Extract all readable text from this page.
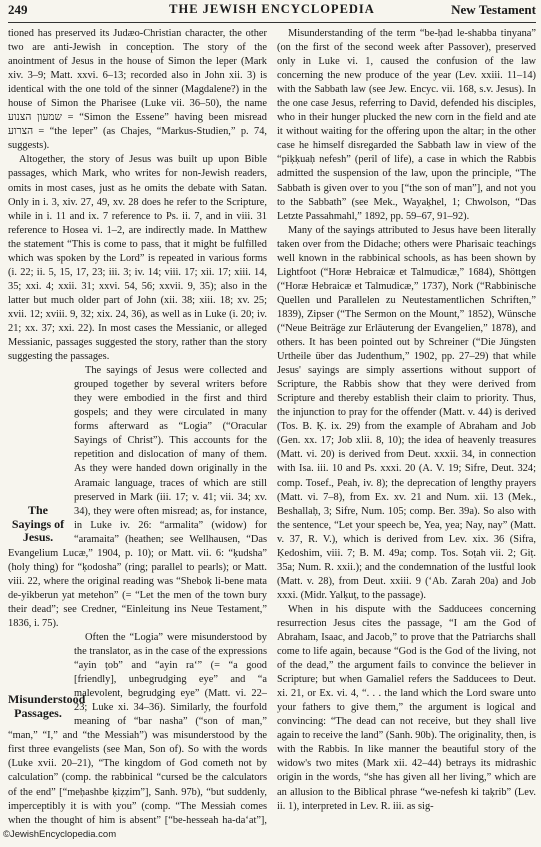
249	THE JEWISH ENCYCLOPEDIA	New Testament

tioned has preserved its Judæo-Christian character, the other two are anti-Jewish in conception. The story of the anointment of Jesus in the house of Simon the leper (Mark xiv. 3–9; Matt. xxvi. 6–13; recorded also in John xii. 3) is identical with the one told of the sinner (Magdalene?) in the house of Simon the Pharisee (Luke vii. 36–50), the name שמעון הצנוע = “Simon the Essene” having been misread הצרוע = “the leper” (as Chajes, “Markus-Studien,” p. 74, suggests).

Altogether, the story of Jesus was built up upon Bible passages, which Mark, who writes for non-Jewish readers, omits in most cases, just as he omits the debate with Satan. Only in i. 3, xiv. 27, 49, xv. 28 does he refer to the Scripture, while in i. 11 and ix. 7 reference to Ps. ii. 7, and in viii. 31 reference to Hosea vi. 1–2, are indirectly made. In Matthew the statement “This is come to pass, that it might be fulfilled which was spoken by the Lord” is repeated in various forms (i. 22; ii. 5, 15, 17, 23; iii. 3; iv. 14; viii. 17; xii. 17; xiii. 14, 35; xxi. 4; xxii. 31; xxvi. 54, 56; xxvii. 9, 35); also in the latter but much older part of John (xii. 38; xiii. 18; xv. 25; xvii. 12; xviii. 9, 32; xix. 24, 36), as well as in Luke (i. 20; iv. 21; xx. 37; xxi. 22). In most cases the Messianic, or alleged Messianic, passages suggested the story, rather than the story suggesting the passages.

The Sayings of Jesus.

The sayings of Jesus were collected and grouped together by several writers before they were embodied in the first and third gospels; and they were circulated in many forms afterward as “Logia” (“Oracular Sayings of Christ”). This accounts for the repetition and dislocation of many of them. As they were handed down originally in the Aramaic language, traces of which are still preserved in Mark (iii. 17; v. 41; vii. 34; xv. 34), they were often misread; as, for instance, in Luke iv. 26: “armalita” (widow) for “aramaita” (heathen; see Wellhausen, “Das Evangelium Lucæ,” 1904, p. 10); or Matt. vii. 6: “ḳudsha” (holy thing) for “ḳodosha” (ring; parallel to pearls); or Matt. viii. 22, where the original reading was “Sheboḳ li-bene mata de-yikberun yat metehon” (= “Let the men of the town bury their dead”; see Credner, “Einleitung ins Neue Testament,” 1836, i. 75).

Misunderstood Passages.

Often the “Logia” were misunderstood by the translator, as in the case of the expressions “ayin ṭob” and “ayin ra‘” (= “a good [friendly], unbegrudging eye” and “a malevolent, begrudging eye” (Matt. vi. 22–23; Luke xi. 34–36). Similarly, the fourfold meaning of “bar nasha” (“son of man,” “man,” “I,” and “the Messiah”) was misunderstood by the first three evangelists (see Man, Son of). So with the words (Luke xvii. 20–21), “The kingdom of God cometh not by calculation” (comp. the rabbinical “cursed be the calculators of the end” [“meḥashbe ḳiẓẓim”], Sanh. 97b), “but suddenly, imperceptibly it is with you” (comp. “The Messiah comes when the thought of him is absent” [“be-hesseah ha-da‘at”],

Misunderstanding of the term “be-ḥad le-shabba tinyana” (on the first of the second week after Passover), preserved only in Luke vi. 1, caused the confusion of the law concerning the new produce of the year (Lev. xxiii. 11–14) with the Sabbath law (see Jew. Encyc. vii. 168, s.v. Jesus). In the one case Jesus, referring to David, defended his disciples, who in their hunger plucked the new corn in the field and ate it without waiting for the offering upon the altar; in the other case he himself disregarded the Sabbath law in view of the “piḳḳuaḥ nefesh” (peril of life), a case in which the Rabbis admitted the suspension of the law, upon the principle, “The Sabbath is given over to you [“the son of man”], and not you to the Sabbath” (see Mek., Wayaḳhel, 1; Chwolson, “Das Letzte Passahmahl,” 1892, pp. 59–67, 91–92).

Many of the sayings attributed to Jesus have been literally taken over from the Didache; others were Pharisaic teachings well known in the rabbinical schools, as has been shown by Lightfoot (“Horæ Hebraicæ et Talmudicæ,” 1684), Shöttgen (“Horæ Hebraicæ et Talmudicæ,” 1737), Nork (“Rabbinische Quellen und Parallelen zu Neutestamentlichen Schriften,” 1839), Zipser (“The Sermon on the Mount,” 1852), Wünsche (“Neue Beiträge zur Erläuterung der Evangelien,” 1878), and others. It has been pointed out by Schreiner (“Die Jüngsten Urtheile über das Judenthum,” 1902, pp. 27–29) that while Jesus' sayings are simply assertions without support of Scripture, the Rabbis show that they were derived from Scripture and thereby establish their claim to priority. Thus, the injunction to pray for the offender (Matt. v. 44) is derived (Tos. B. Ḳ. ix. 29) from the example of Abraham and Job (Gen. xx. 17; Job xlii. 8, 10); the idea of heavenly treasures (Matt. vi. 20) is derived from Deut. xxxii. 34, in connection with Isa. iii. 10 and Ps. xxxi. 20 (A. V. 19; Sifre, Deut. 324; comp. Tosef., Peah, iv. 8); the deprecation of lengthy prayers (Matt. vi. 7–8), from Ex. xv. 21 and Num. xii. 13 (Mek., Beshallaḥ, 3; Sifre, Num. 105; comp. Ber. 39a). So also with the sentence, “Let your speech be, Yea, yea; Nay, nay” (Matt. v. 37, R. V.), which is derived from Lev. xix. 36 (Sifra, Ḳedoshim, viii. 7; B. M. 49a; comp. Tos. Soṭah vii. 2; Giṭ. 35a; Num. R. xxii.); and the condemnation of the lustful look (Matt. v. 28), from Deut. xxiii. 9 (‘Ab. Zarah 20a) and Job xxxi. (Midr. Yalḳuṭ, to the passage).

When in his dispute with the Sadducees concerning resurrection Jesus cites the passage, “I am the God of Abraham, Isaac, and Jacob,” to prove that the Patriarchs shall come to life again, because “God is the God of the living, not of the dead,” the argument fails to convince the believer in Scripture; but when Gamaliel refers the Sadducees to Deut. xi. 21, or Ex. vi. 4, “. . . the land which the Lord sware unto your fathers to give them,” the argument is logical and convincing: “The dead can not receive, but they shall live again to receive the land” (Sanh. 90b). The originality, then, is with the Rabbis. In like manner the beautiful story of the widow's two mites (Mark xii. 42–44) betrays its midrashic origin in the words, “she has given all her living,” which are an allusion to the Biblical phrase “we-nefesh ki taḳrib” (Lev. ii. 1), interpreted in Lev. R. iii. as sig-

©JewishEncyclopedia.com
